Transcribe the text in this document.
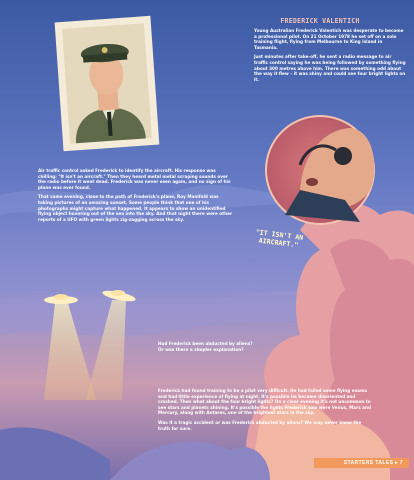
FREDERICK VALENTICH

Young Australian Frederick Valentich was desperate to become a professional pilot. On 21 October 1978 he set off on a solo training flight, flying from Melbourne to King Island in Tasmania.

Just minutes after take-off, he sent a radio message to air traffic control saying he was being followed by something flying about 300 metres above him. There was something odd about the way it flew – it was shiny and could see four bright lights on it.

Air traffic control asked Frederick to identify the aircraft. His response was chilling: "It isn't an aircraft." Then they heard metal metal scraping sounds over the radio before it went dead. Frederick was never seen again, and no sign of his plane was ever found.

That same evening, close to the path of Frederick's plane, Roy Manifold was taking pictures of an amazing sunset. Some people think that one of his photographs might capture what happened. It appears to show an unidentified flying object hovering out of the sea into the sky. And that night there were other reports of a UFO with green lights zig-zagging across the sky.

"IT ISN'T AN AIRCRAFT."

Had Frederick been abducted by aliens?

Or was there a simpler explanation?

Frederick had found training to be a pilot very difficult. He had failed some flying exams and had little experience of flying at night. It's possible he became disoriented and crashed. Then what about the four bright lights? On a clear evening it's not uncommon to see stars and planets shining. It's possible the lights Frederick saw were Venus, Mars and Mercury, along with Antares, one of the brightest stars in the sky.

Was it a tragic accident or was Frederick abducted by aliens? We may never know the truth for sure.

STARTERS TALES ▸ 7
